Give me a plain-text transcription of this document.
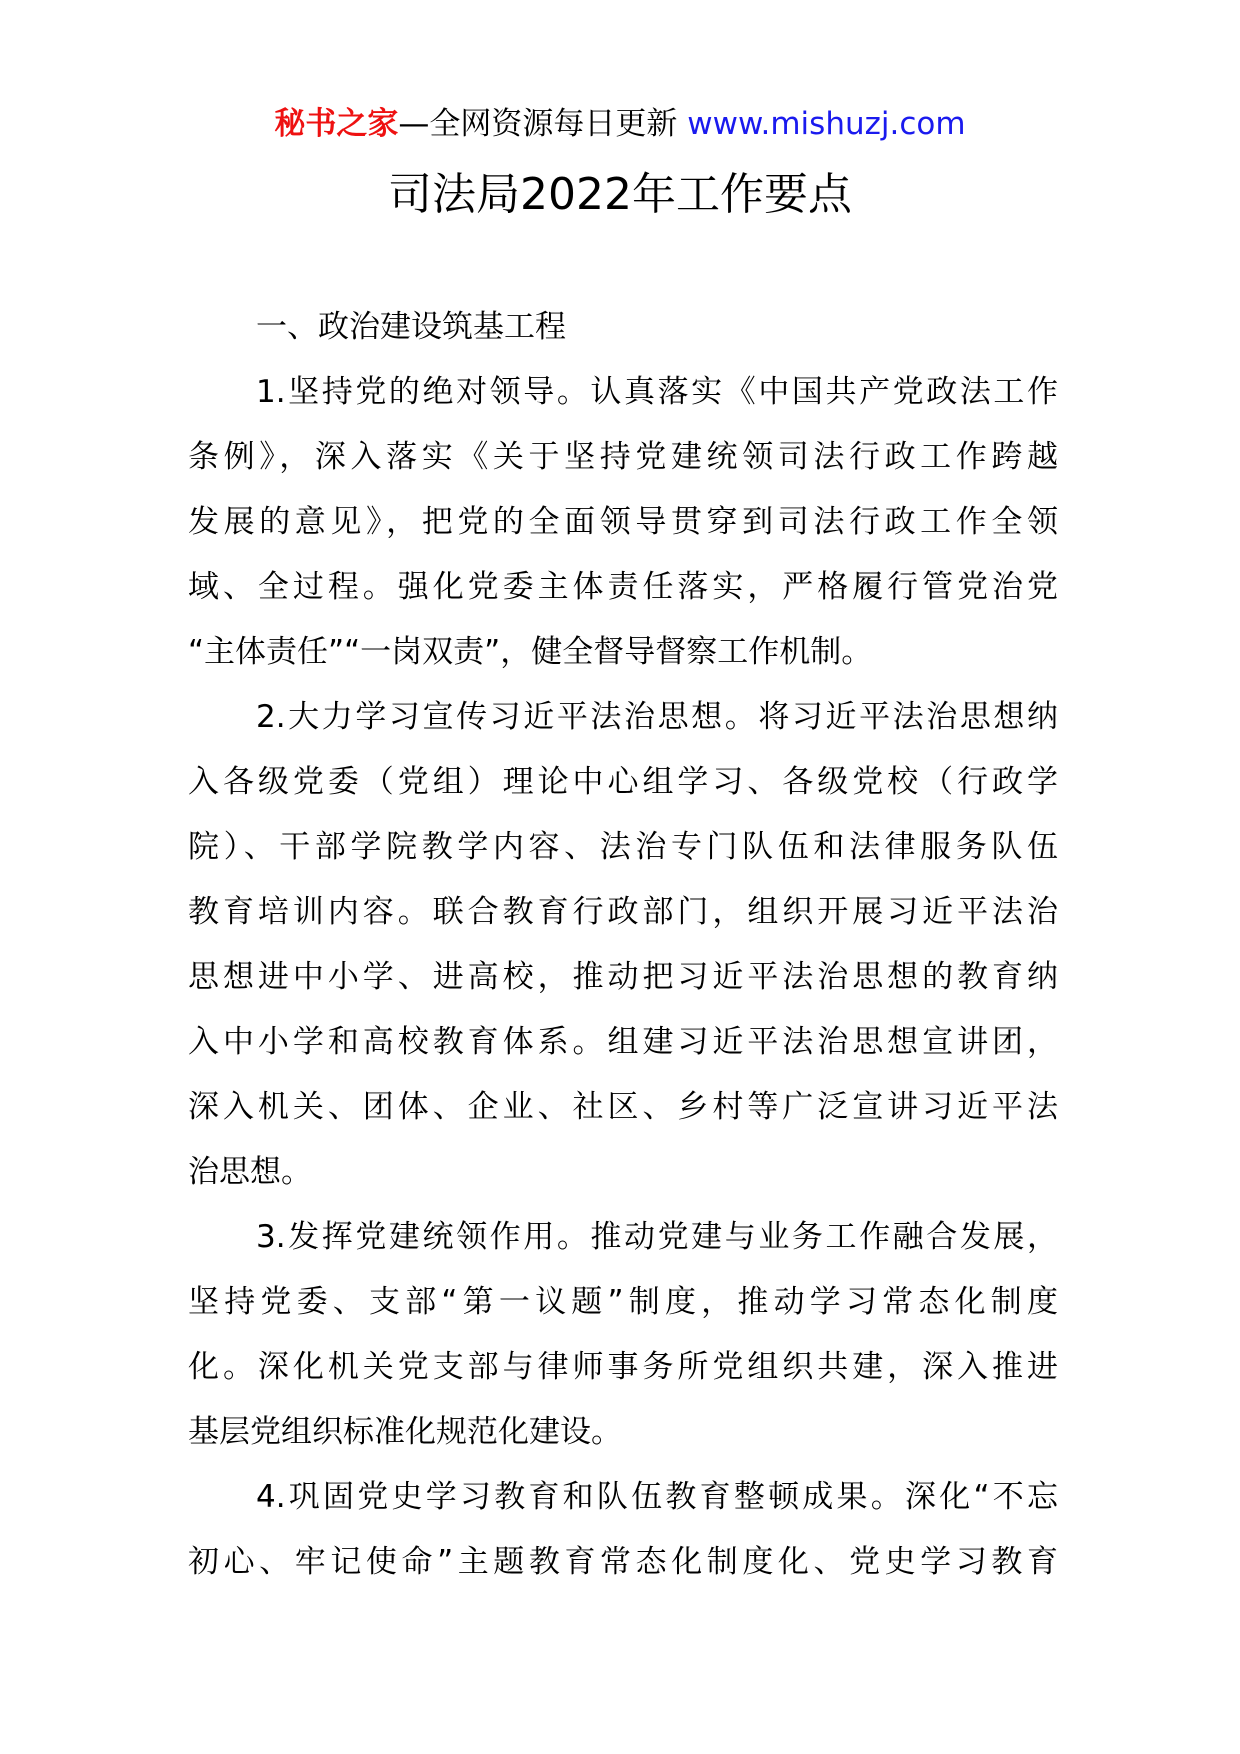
秘书之家—全网资源每日更新 www.mishuzj.com
司法局2022年工作要点

一、政治建设筑基工程

1.坚持党的绝对领导。认真落实《中国共产党政法工作
条例》，深入落实《关于坚持党建统领司法行政工作跨越
发展的意见》，把党的全面领导贯穿到司法行政工作全领
域、全过程。强化党委主体责任落实，严格履行管党治党
“主体责任”“一岗双责”，健全督导督察工作机制。

2.大力学习宣传习近平法治思想。将习近平法治思想纳
入各级党委（党组）理论中心组学习、各级党校（行政学
院）、干部学院教学内容、法治专门队伍和法律服务队伍
教育培训内容。联合教育行政部门，组织开展习近平法治
思想进中小学、进高校，推动把习近平法治思想的教育纳
入中小学和高校教育体系。组建习近平法治思想宣讲团，
深入机关、团体、企业、社区、乡村等广泛宣讲习近平法
治思想。

3.发挥党建统领作用。推动党建与业务工作融合发展，
坚持党委、支部“第一议题”制度，推动学习常态化制度
化。深化机关党支部与律师事务所党组织共建，深入推进
基层党组织标准化规范化建设。

4.巩固党史学习教育和队伍教育整顿成果。深化“不忘
初心、牢记使命”主题教育常态化制度化、党史学习教育
